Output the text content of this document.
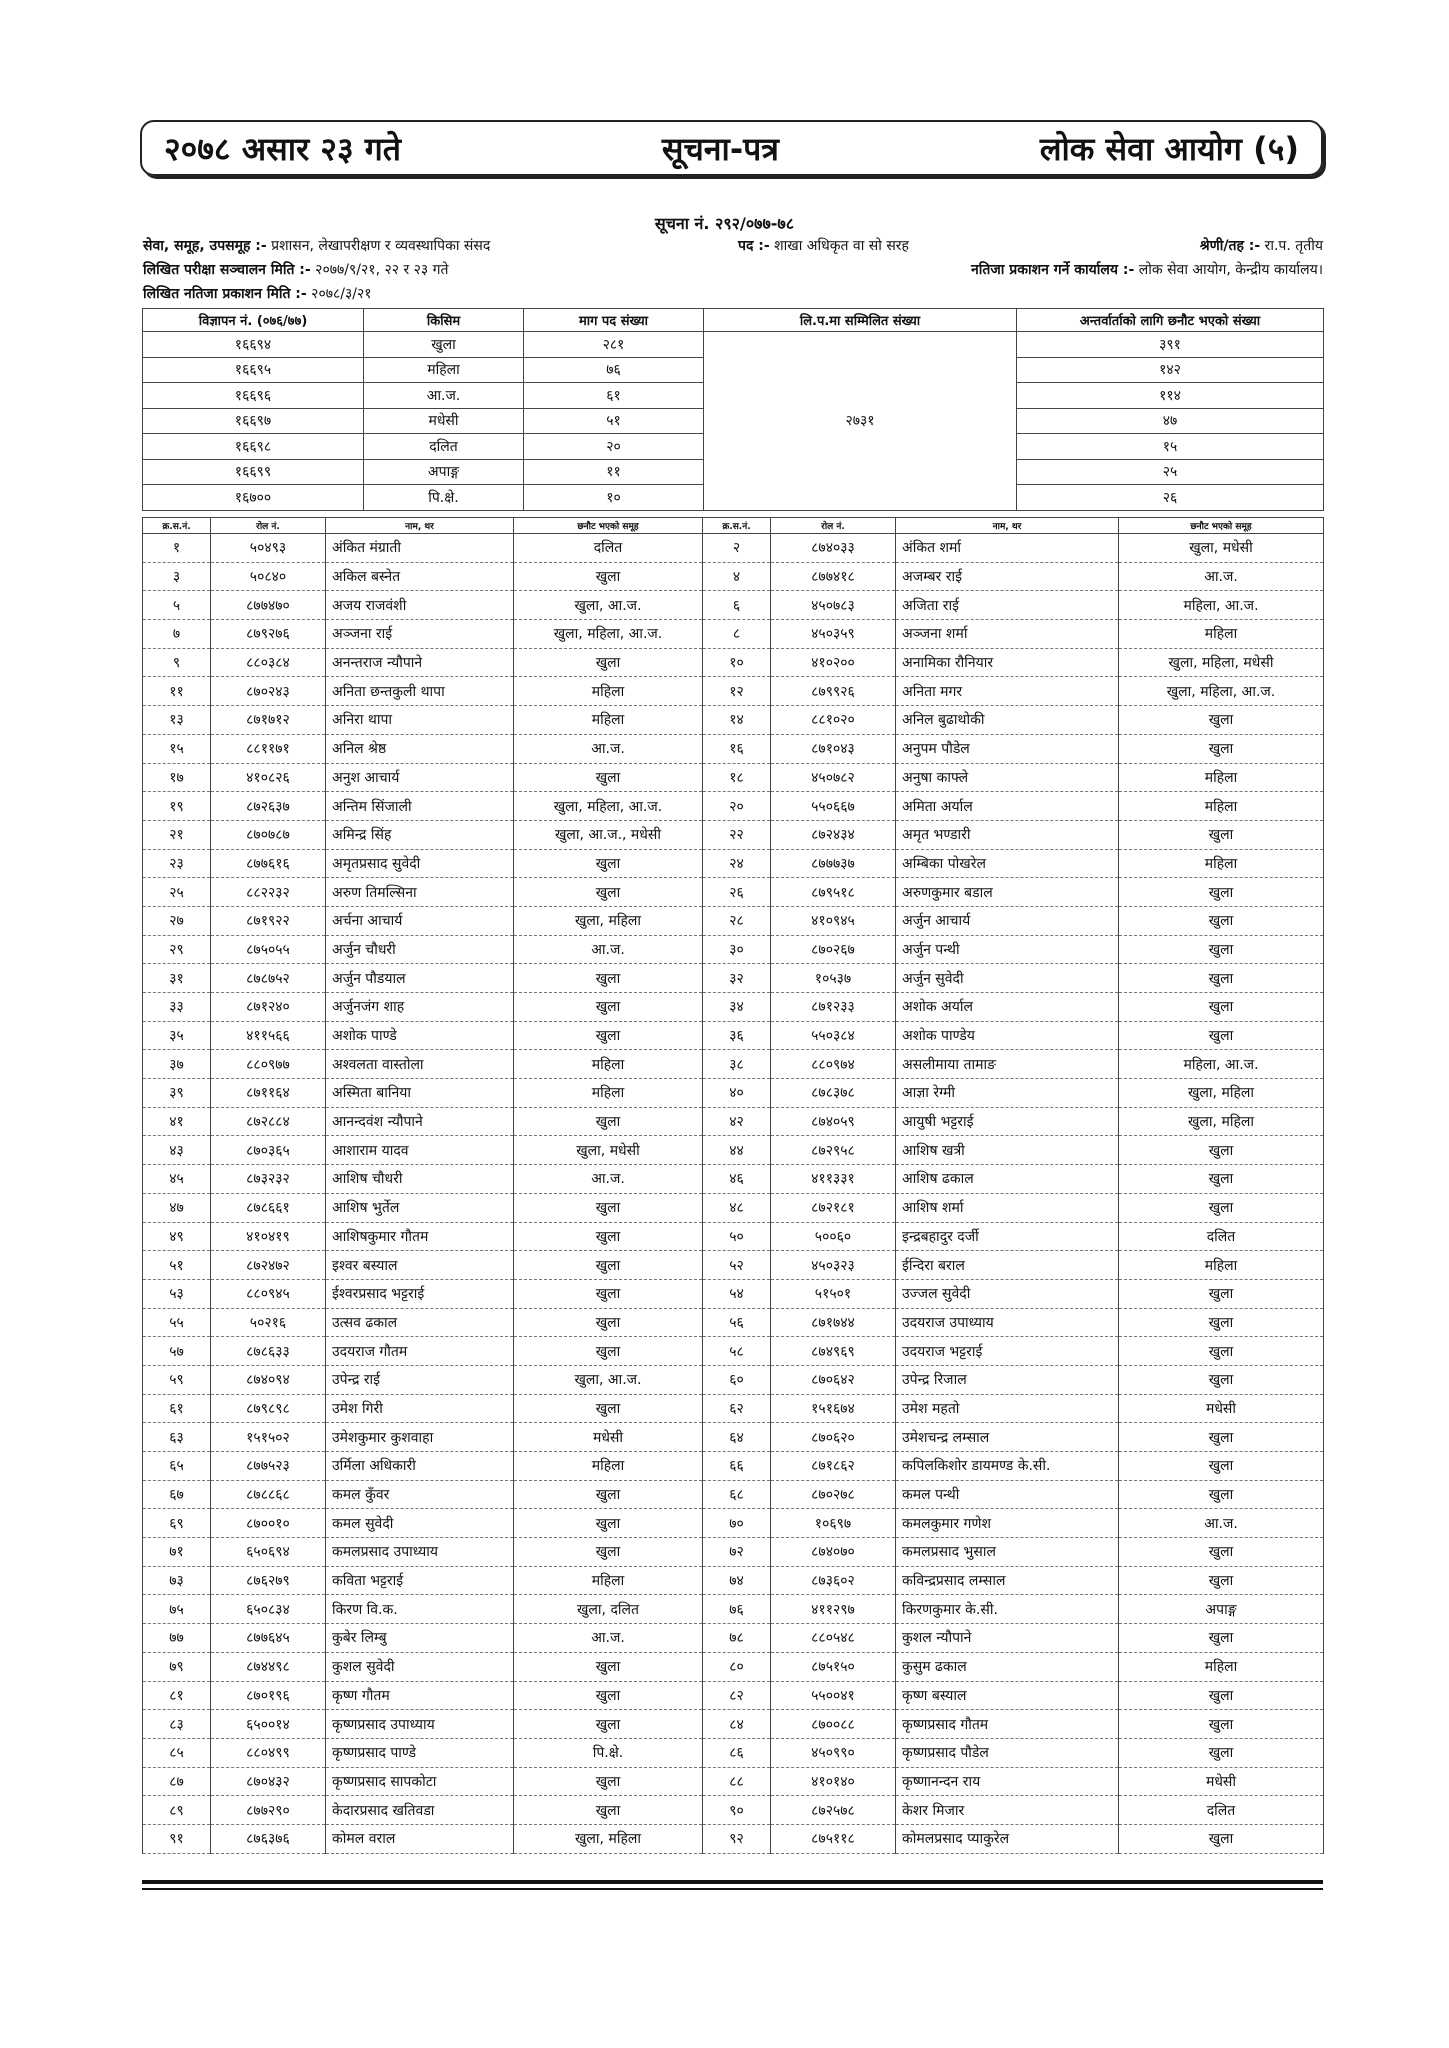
२०७८ असार २३ गते	सूचना-पत्र	लोक सेवा आयोग (५)
सूचना नं. २९२/०७७-७८
सेवा, समूह, उपसमूह :- प्रशासन, लेखापरीक्षण र व्यवस्थापिका संसद	पद :- शाखा अधिकृत वा सो सरह	श्रेणी/तह :- रा.प. तृतीय
लिखित परीक्षा सञ्चालन मिति :- २०७७/९/२१, २२ र २३ गते	नतिजा प्रकाशन गर्ने कार्यालय :- लोक सेवा आयोग, केन्द्रीय कार्यालय।
लिखित नतिजा प्रकाशन मिति :- २०७८/३/२१
विज्ञापन नं. (०७६/७७)	किसिम	माग पद संख्या	लि.प.मा सम्मिलित संख्या	अन्तर्वार्ताको लागि छनौट भएको संख्या
१६६९४	खुला	२८१	२७३१	३९१
१६६९५	महिला	७६		१४२
१६६९६	आ.ज.	६१		११४
१६६९७	मधेसी	५१		४७
१६६९८	दलित	२०		१५
१६६९९	अपाङ्ग	११		२५
१६७००	पि.क्षे.	१०		२६
क्र.स.नं.	रोल नं.	नाम, थर	छनौट भएको समूह	क्र.स.नं.	रोल नं.	नाम, थर	छनौट भएको समूह
१	५०४९३	अंकित मंग्राती	दलित	२	८७४०३३	अंकित शर्मा	खुला, मधेसी
३	५०८४०	अकिल बस्नेत	खुला	४	८७७४१८	अजम्बर राई	आ.ज.
५	८७७४७०	अजय राजवंशी	खुला, आ.ज.	६	४५०७८३	अजिता राई	महिला, आ.ज.
७	८७९२७६	अञ्जना राई	खुला, महिला, आ.ज.	८	४५०३५९	अञ्जना शर्मा	महिला
९	८८०३८४	अनन्तराज न्यौपाने	खुला	१०	४१०२००	अनामिका रौनियार	खुला, महिला, मधेसी
११	८७०२४३	अनिता छन्तकुली थापा	महिला	१२	८७९९२६	अनिता मगर	खुला, महिला, आ.ज.
१३	८७१७१२	अनिरा थापा	महिला	१४	८८१०२०	अनिल बुढाथोकी	खुला
१५	८८११७१	अनिल श्रेष्ठ	आ.ज.	१६	८७१०४३	अनुपम पौडेल	खुला
१७	४१०८२६	अनुश आचार्य	खुला	१८	४५०७८२	अनुषा काफ्ले	महिला
१९	८७२६३७	अन्तिम सिंजाली	खुला, महिला, आ.ज.	२०	५५०६६७	अमिता अर्याल	महिला
२१	८७०७८७	अमिन्द्र सिंह	खुला, आ.ज., मधेसी	२२	८७२४३४	अमृत भण्डारी	खुला
२३	८७७६१६	अमृतप्रसाद सुवेदी	खुला	२४	८७७७३७	अम्बिका पोखरेल	महिला
२५	८८२२३२	अरुण तिमल्सिना	खुला	२६	८७९५१८	अरुणकुमार बडाल	खुला
२७	८७१९२२	अर्चना आचार्य	खुला, महिला	२८	४१०९४५	अर्जुन आचार्य	खुला
२९	८७५०५५	अर्जुन चौधरी	आ.ज.	३०	८७०२६७	अर्जुन पन्थी	खुला
३१	८७८७५२	अर्जुन पौडयाल	खुला	३२	१०५३७	अर्जुन सुवेदी	खुला
३३	८७१२४०	अर्जुनजंग शाह	खुला	३४	८७१२३३	अशोक अर्याल	खुला
३५	४११५६६	अशोक पाण्डे	खुला	३६	५५०३८४	अशोक पाण्डेय	खुला
३७	८८०९७७	अश्वलता वास्तोला	महिला	३८	८८०९७४	असलीमाया तामाङ	महिला, आ.ज.
३९	८७११६४	अस्मिता बानिया	महिला	४०	८७८३७८	आज्ञा रेग्मी	खुला, महिला
४१	८७२८८४	आनन्दवंश न्यौपाने	खुला	४२	८७४०५९	आयुषी भट्टराई	खुला, महिला
४३	८७०३६५	आशाराम यादव	खुला, मधेसी	४४	८७२९५८	आशिष खत्री	खुला
४५	८७३२३२	आशिष चौधरी	आ.ज.	४६	४११३३१	आशिष ढकाल	खुला
४७	८७८६६१	आशिष भुर्तेल	खुला	४८	८७२१८१	आशिष शर्मा	खुला
४९	४१०४१९	आशिषकुमार गौतम	खुला	५०	५००६०	इन्द्रबहादुर दर्जी	दलित
५१	८७२४७२	इश्वर बस्याल	खुला	५२	४५०३२३	ईन्दिरा बराल	महिला
५३	८८०९४५	ईश्वरप्रसाद भट्टराई	खुला	५४	५१५०१	उज्जल सुवेदी	खुला
५५	५०२१६	उत्सव ढकाल	खुला	५६	८७१७४४	उदयराज उपाध्याय	खुला
५७	८७८६३३	उदयराज गौतम	खुला	५८	८७४९६९	उदयराज भट्टराई	खुला
५९	८७४०९४	उपेन्द्र राई	खुला, आ.ज.	६०	८७०६४२	उपेन्द्र रिजाल	खुला
६१	८७९८९८	उमेश गिरी	खुला	६२	१५१६७४	उमेश महतो	मधेसी
६३	१५१५०२	उमेशकुमार कुशवाहा	मधेसी	६४	८७०६२०	उमेशचन्द्र लम्साल	खुला
६५	८७७५२३	उर्मिला अधिकारी	महिला	६६	८७१८६२	कपिलकिशोर डायमण्ड के.सी.	खुला
६७	८७८८६८	कमल कुँवर	खुला	६८	८७०२७८	कमल पन्थी	खुला
६९	८७००१०	कमल सुवेदी	खुला	७०	१०६९७	कमलकुमार गणेश	आ.ज.
७१	६५०६९४	कमलप्रसाद उपाध्याय	खुला	७२	८७४०७०	कमलप्रसाद भुसाल	खुला
७३	८७६२७९	कविता भट्टराई	महिला	७४	८७३६०२	कविन्द्रप्रसाद लम्साल	खुला
७५	६५०८३४	किरण वि.क.	खुला, दलित	७६	४११२९७	किरणकुमार के.सी.	अपाङ्ग
७७	८७७६४५	कुबेर लिम्बु	आ.ज.	७८	८८०५४८	कुशल न्यौपाने	खुला
७९	८७४४९८	कुशल सुवेदी	खुला	८०	८७५१५०	कुसुम ढकाल	महिला
८१	८७०१९६	कृष्ण गौतम	खुला	८२	५५००४१	कृष्ण बस्याल	खुला
८३	६५००१४	कृष्णप्रसाद उपाध्याय	खुला	८४	८७००८८	कृष्णप्रसाद गौतम	खुला
८५	८८०४९९	कृष्णप्रसाद पाण्डे	पि.क्षे.	८६	४५०९९०	कृष्णप्रसाद पौडेल	खुला
८७	८७०४३२	कृष्णप्रसाद सापकोटा	खुला	८८	४१०१४०	कृष्णानन्दन राय	मधेसी
८९	८७७२९०	केदारप्रसाद खतिवडा	खुला	९०	८७२५७८	केशर मिजार	दलित
९१	८७६३७६	कोमल वराल	खुला, महिला	९२	८७५११८	कोमलप्रसाद प्याकुरेल	खुला
